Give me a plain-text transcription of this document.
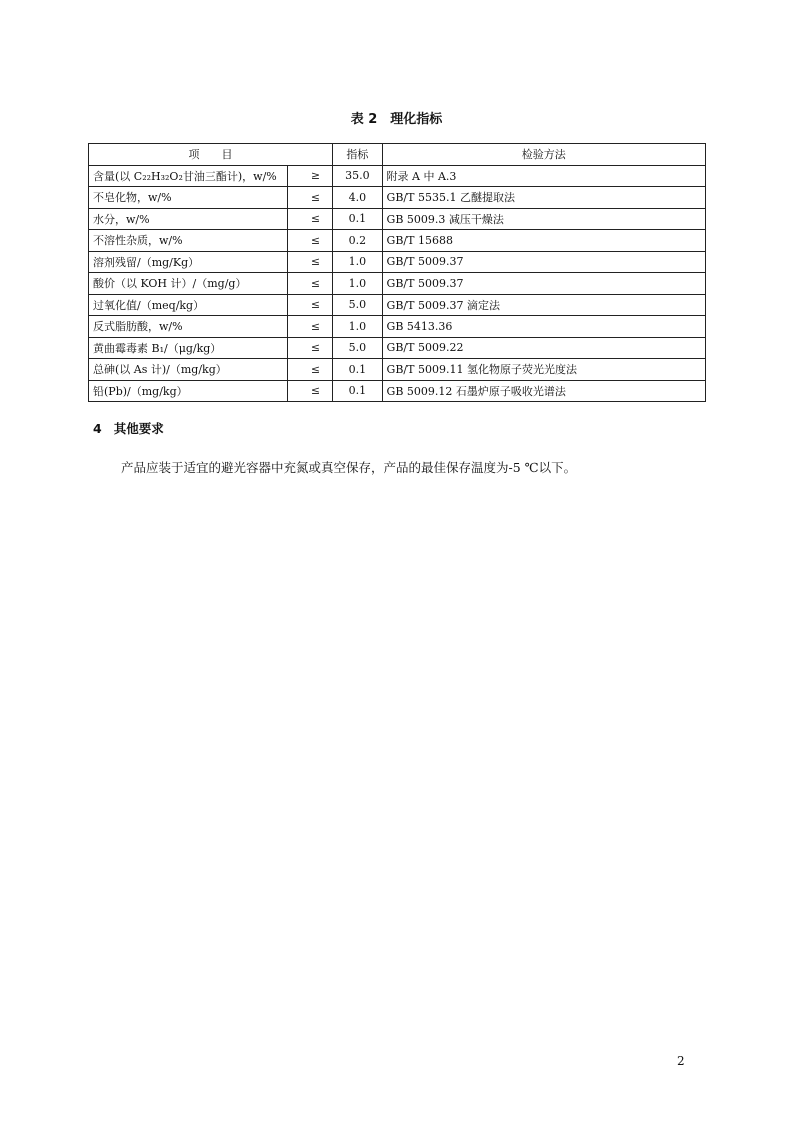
表 2　理化指标
项　　目		指标	检验方法
含量(以 C₂₂H₃₂O₂甘油三酯计)，w/%	≥	35.0	附录 A 中 A.3
不皂化物，w/%	≤	4.0	GB/T 5535.1 乙醚提取法
水分，w/%	≤	0.1	GB 5009.3 减压干燥法
不溶性杂质，w/%	≤	0.2	GB/T 15688
溶剂残留/（mg/Kg）	≤	1.0	GB/T 5009.37
酸价（以 KOH 计）/（mg/g）	≤	1.0	GB/T 5009.37
过氧化值/（meq/kg）	≤	5.0	GB/T 5009.37 滴定法
反式脂肪酸，w/%	≤	1.0	GB 5413.36
黄曲霉毒素 B₁/（μg/kg）	≤	5.0	GB/T 5009.22
总砷(以 As 计)/（mg/kg）	≤	0.1	GB/T 5009.11 氢化物原子荧光光度法
铅(Pb)/（mg/kg）	≤	0.1	GB 5009.12 石墨炉原子吸收光谱法
4 其他要求
产品应装于适宜的避光容器中充氮或真空保存，产品的最佳保存温度为-5 ℃以下。
2
